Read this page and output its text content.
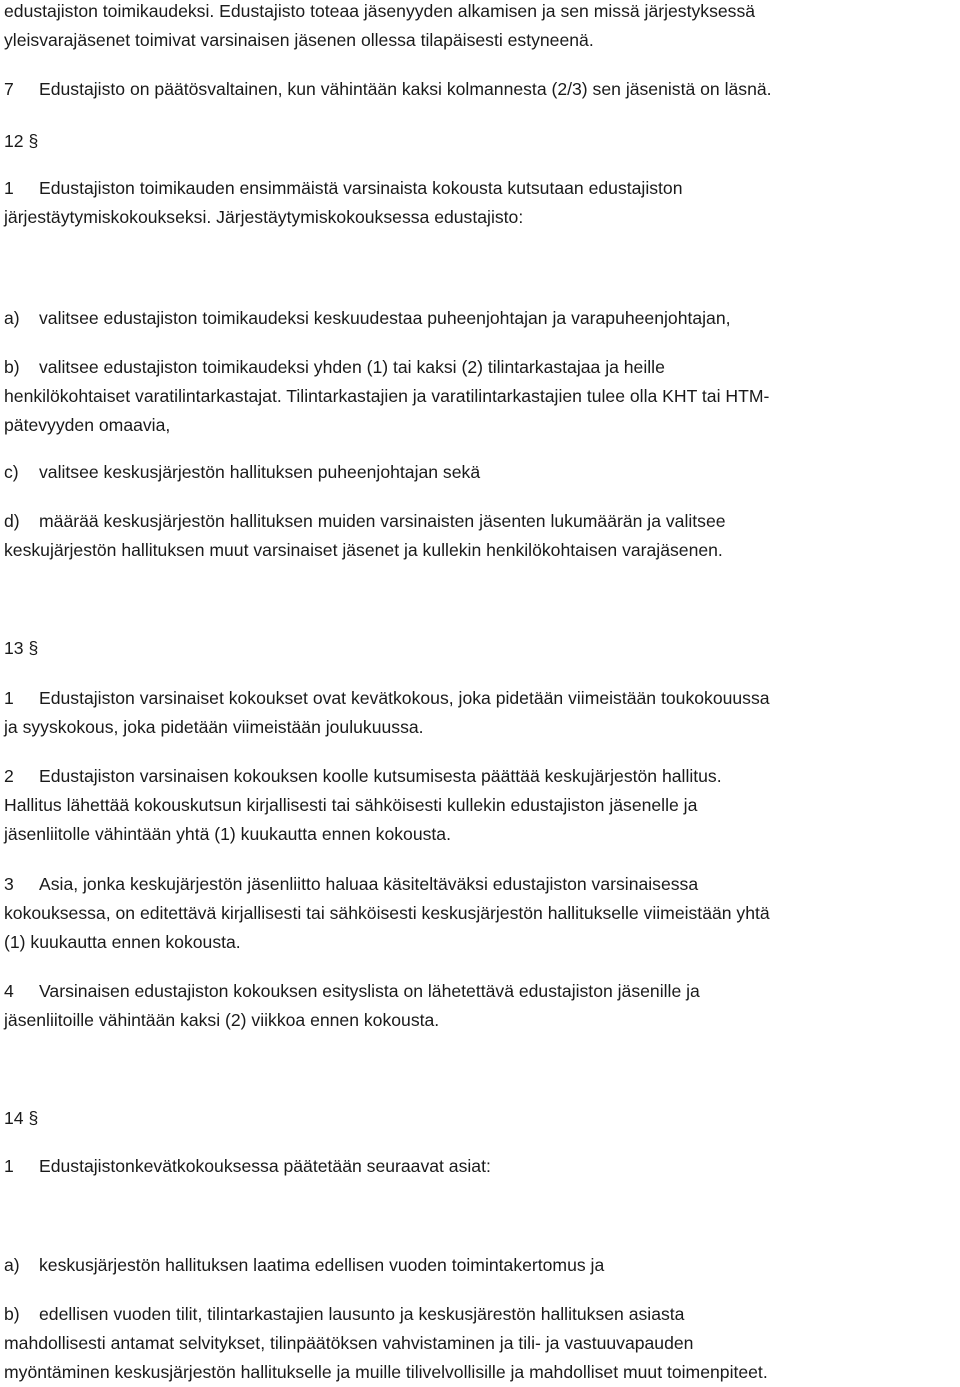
edustajiston toimikaudeksi. Edustajisto toteaa jäsenyyden alkamisen ja sen missä järjestyksessä
yleisvarajäsenet toimivat varsinaisen jäsenen ollessa tilapäisesti estyneenä.

7 Edustajisto on päätösvaltainen, kun vähintään kaksi kolmannesta (2/3) sen jäsenistä on läsnä.

12 §

1 Edustajiston toimikauden ensimmäistä varsinaista kokousta kutsutaan edustajiston
järjestäytymiskokoukseksi. Järjestäytymiskokouksessa edustajisto:

a) valitsee edustajiston toimikaudeksi keskuudestaa puheenjohtajan ja varapuheenjohtajan,

b) valitsee edustajiston toimikaudeksi yhden (1) tai kaksi (2) tilintarkastajaa ja heille
henkilökohtaiset varatilintarkastajat. Tilintarkastajien ja varatilintarkastajien tulee olla KHT tai HTM-
pätevyyden omaavia,

c) valitsee keskusjärjestön hallituksen puheenjohtajan sekä

d) määrää keskusjärjestön hallituksen muiden varsinaisten jäsenten lukumäärän ja valitsee
keskujärjestön hallituksen muut varsinaiset jäsenet ja kullekin henkilökohtaisen varajäsenen.

13 §

1 Edustajiston varsinaiset kokoukset ovat kevätkokous, joka pidetään viimeistään toukokouussa
ja syyskokous, joka pidetään viimeistään joulukuussa.

2 Edustajiston varsinaisen kokouksen koolle kutsumisesta päättää keskujärjestön hallitus.
Hallitus lähettää kokouskutsun kirjallisesti tai sähköisesti kullekin edustajiston jäsenelle ja
jäsenliitolle vähintään yhtä (1) kuukautta ennen kokousta.

3 Asia, jonka keskujärjestön jäsenliitto haluaa käsiteltäväksi edustajiston varsinaisessa
kokouksessa, on editettävä kirjallisesti tai sähköisesti keskusjärjestön hallitukselle viimeistään yhtä
(1) kuukautta ennen kokousta.

4 Varsinaisen edustajiston kokouksen esityslista on lähetettävä edustajiston jäsenille ja
jäsenliitoille vähintään kaksi (2) viikkoa ennen kokousta.

14 §

1 Edustajistonkevätkokouksessa päätetään seuraavat asiat:

a) keskusjärjestön hallituksen laatima edellisen vuoden toimintakertomus ja

b) edellisen vuoden tilit, tilintarkastajien lausunto ja keskusjärestön hallituksen asiasta
mahdollisesti antamat selvitykset, tilinpäätöksen vahvistaminen ja tili- ja vastuuvapauden
myöntäminen keskusjärjestön hallitukselle ja muille tilivelvollisille ja mahdolliset muut toimenpiteet.
